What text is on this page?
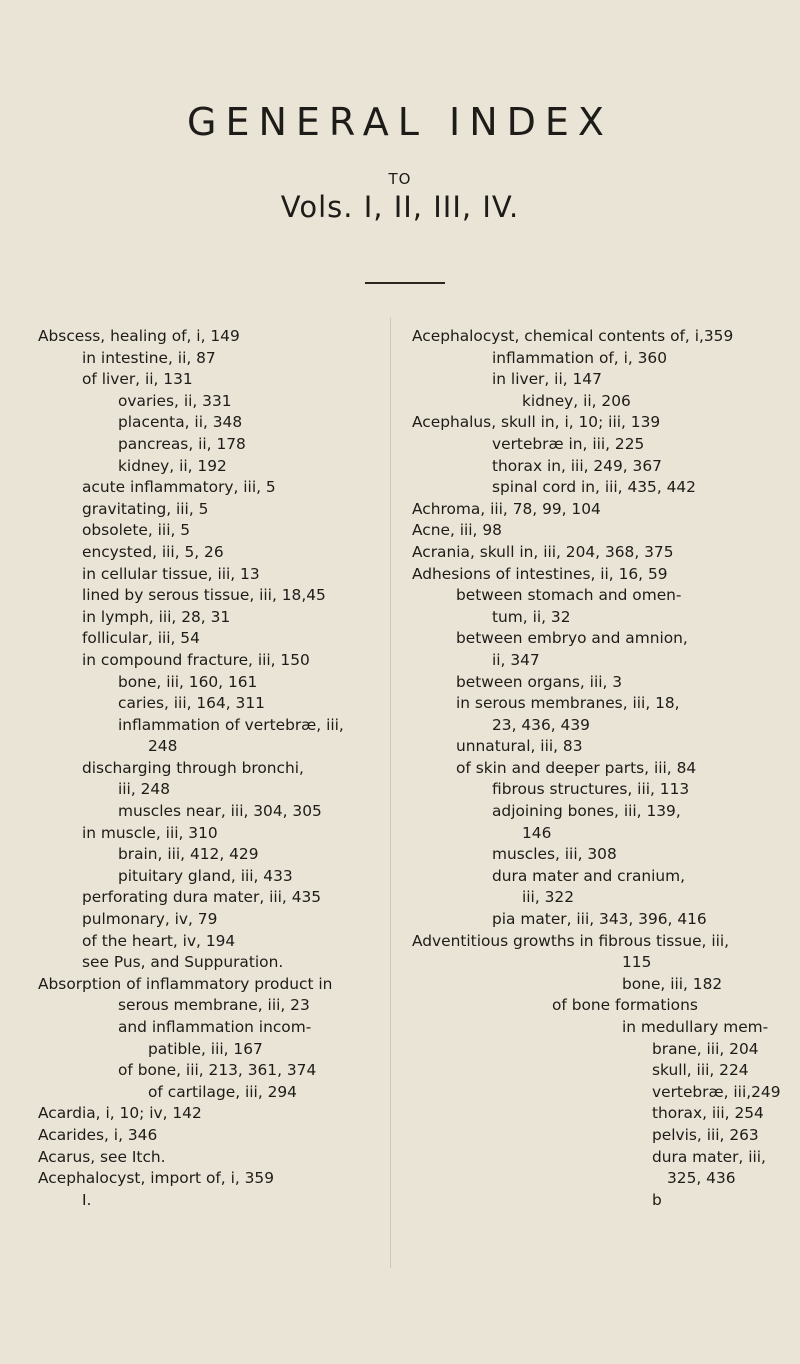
GENERAL INDEX
TO
Vols. I, II, III, IV.
Abscess, healing of, i, 149
in intestine, ii, 87
of liver, ii, 131
ovaries, ii, 331
placenta, ii, 348
pancreas, ii, 178
kidney, ii, 192
acute inflammatory, iii, 5
gravitating, iii, 5
obsolete, iii, 5
encysted, iii, 5, 26
in cellular tissue, iii, 13
lined by serous tissue, iii, 18,45
in lymph, iii, 28, 31
follicular, iii, 54
in compound fracture, iii, 150
bone, iii, 160, 161
caries, iii, 164, 311
inflammation of vertebræ, iii,
248
discharging through bronchi,
iii, 248
muscles near, iii, 304, 305
in muscle, iii, 310
brain, iii, 412, 429
pituitary gland, iii, 433
perforating dura mater, iii, 435
pulmonary, iv, 79
of the heart, iv, 194
see Pus, and Suppuration.
Absorption of inflammatory product in
serous membrane, iii, 23
and inflammation incom-
patible, iii, 167
of bone, iii, 213, 361, 374
of cartilage, iii, 294
Acardia, i, 10; iv, 142
Acarides, i, 346
Acarus, see Itch.
Acephalocyst, import of, i, 359
I.
Acephalocyst, chemical contents of, i,359
inflammation of, i, 360
in liver, ii, 147
kidney, ii, 206
Acephalus, skull in, i, 10; iii, 139
vertebræ in, iii, 225
thorax in, iii, 249, 367
spinal cord in, iii, 435, 442
Achroma, iii, 78, 99, 104
Acne, iii, 98
Acrania, skull in, iii, 204, 368, 375
Adhesions of intestines, ii, 16, 59
between stomach and omen-
tum, ii, 32
between embryo and amnion,
ii, 347
between organs, iii, 3
in serous membranes, iii, 18,
23, 436, 439
unnatural, iii, 83
of skin and deeper parts, iii, 84
fibrous structures, iii, 113
adjoining bones, iii, 139,
146
muscles, iii, 308
dura mater and cranium,
iii, 322
pia mater, iii, 343, 396, 416
Adventitious growths in fibrous tissue, iii,
115
bone, iii, 182
of bone formations
in medullary mem-
brane, iii, 204
skull, iii, 224
vertebræ, iii,249
thorax, iii, 254
pelvis, iii, 263
dura mater, iii,
325, 436
b
